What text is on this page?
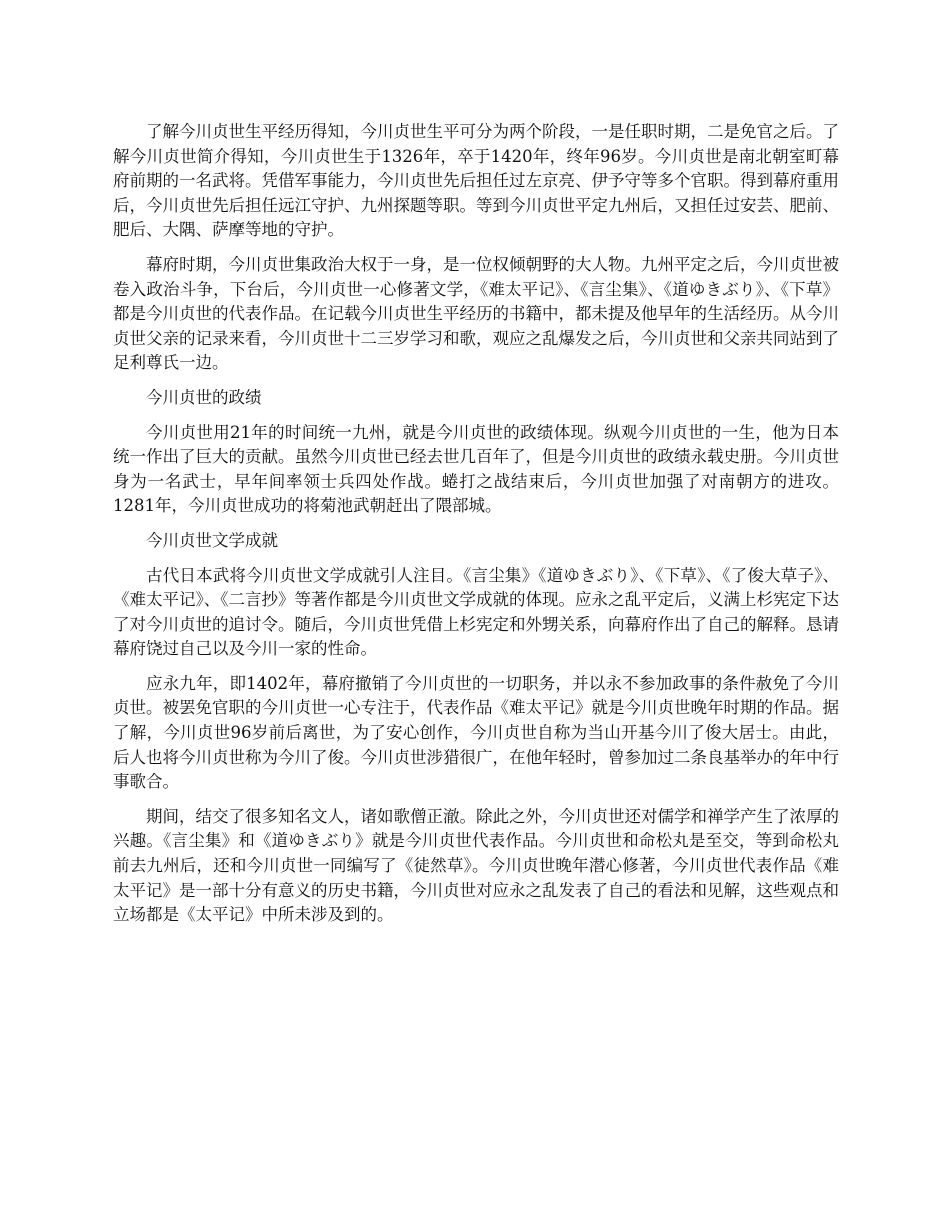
了解今川贞世生平经历得知，今川贞世生平可分为两个阶段，一是任职时期，二是免官之后。了解今川贞世简介得知，今川贞世生于1326年，卒于1420年，终年96岁。今川贞世是南北朝室町幕府前期的一名武将。凭借军事能力，今川贞世先后担任过左京亮、伊予守等多个官职。得到幕府重用后，今川贞世先后担任远江守护、九州探题等职。等到今川贞世平定九州后，又担任过安芸、肥前、肥后、大隅、萨摩等地的守护。

幕府时期，今川贞世集政治大权于一身，是一位权倾朝野的大人物。九州平定之后，今川贞世被卷入政治斗争，下台后，今川贞世一心修著文学，《难太平记》、《言尘集》、《道ゆきぶり》、《下草》都是今川贞世的代表作品。在记载今川贞世生平经历的书籍中，都未提及他早年的生活经历。从今川贞世父亲的记录来看，今川贞世十二三岁学习和歌，观应之乱爆发之后，今川贞世和父亲共同站到了足利尊氏一边。

今川贞世的政绩

今川贞世用21年的时间统一九州，就是今川贞世的政绩体现。纵观今川贞世的一生，他为日本统一作出了巨大的贡献。虽然今川贞世已经去世几百年了，但是今川贞世的政绩永载史册。今川贞世身为一名武士，早年间率领士兵四处作战。蜷打之战结束后，今川贞世加强了对南朝方的进攻。1281年，今川贞世成功的将菊池武朝赶出了隈部城。

今川贞世文学成就

古代日本武将今川贞世文学成就引人注目。《言尘集》《道ゆきぶり》、《下草》、《了俊大草子》、《难太平记》、《二言抄》等著作都是今川贞世文学成就的体现。应永之乱平定后，义满上杉宪定下达了对今川贞世的追讨令。随后，今川贞世凭借上杉宪定和外甥关系，向幕府作出了自己的解释。恳请幕府饶过自己以及今川一家的性命。

应永九年，即1402年，幕府撤销了今川贞世的一切职务，并以永不参加政事的条件赦免了今川贞世。被罢免官职的今川贞世一心专注于，代表作品《难太平记》就是今川贞世晚年时期的作品。据了解，今川贞世96岁前后离世，为了安心创作，今川贞世自称为当山开基今川了俊大居士。由此，后人也将今川贞世称为今川了俊。今川贞世涉猎很广，在他年轻时，曾参加过二条良基举办的年中行事歌合。

期间，结交了很多知名文人，诸如歌僧正澈。除此之外，今川贞世还对儒学和禅学产生了浓厚的兴趣。《言尘集》和《道ゆきぶり》就是今川贞世代表作品。今川贞世和命松丸是至交，等到命松丸前去九州后，还和今川贞世一同编写了《徒然草》。今川贞世晚年潜心修著，今川贞世代表作品《难太平记》是一部十分有意义的历史书籍，今川贞世对应永之乱发表了自己的看法和见解，这些观点和立场都是《太平记》中所未涉及到的。
